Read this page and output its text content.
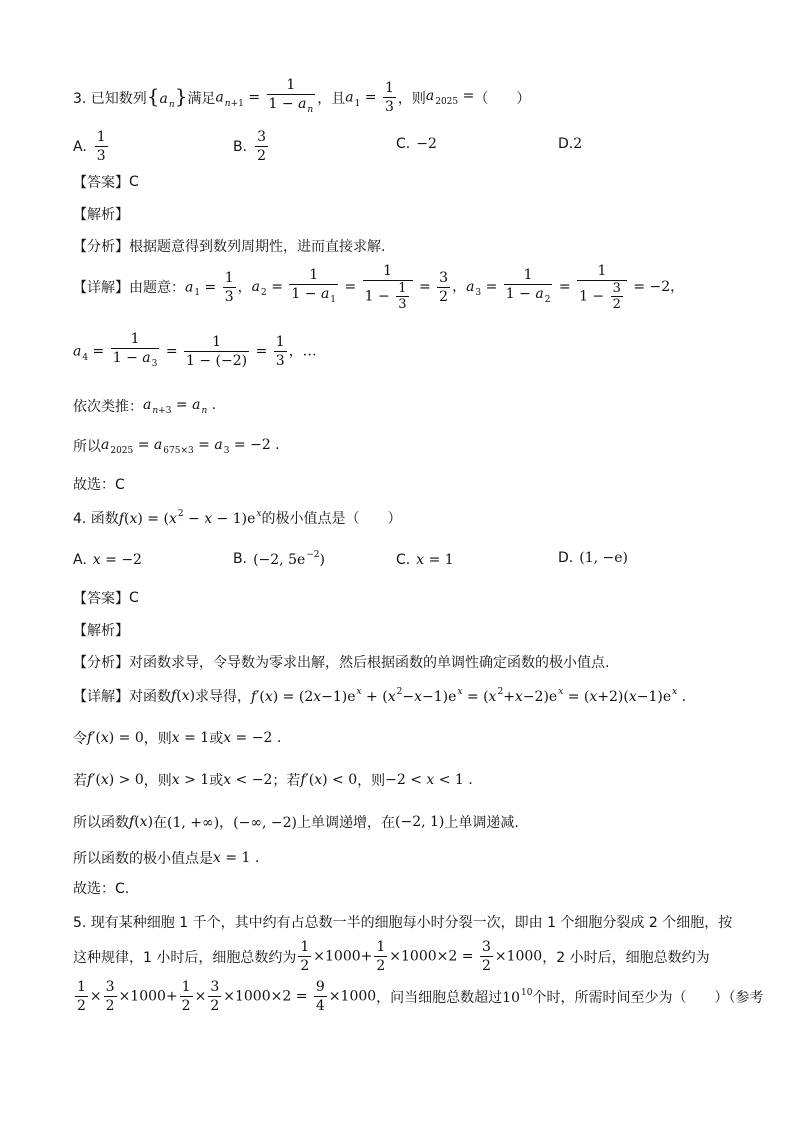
3. 已知数列 $\{a_n\}$ 满足 $a_{n+1} = \frac{1}{1 - a_n}$ ，且 $a_1 = \frac{1}{3}$ ，则 $a_{2025}$ = （　　）
A. $\frac{1}{3}$	B. $\frac{3}{2}$	C. −2	D. 2
【答案】 C
【解析】
【分析】 根据题意得到数列周期性，进而直接求解.
【详解】 由题意： $a_1 = \frac{1}{3}$ ， $a_2 = \frac{1}{1 - a_1} = \frac{1}{1 - \frac{1}{3}} = \frac{3}{2}$ ， $a_3 = \frac{1}{1 - a_2} = \frac{1}{1 - \frac{3}{2}} = -2$，
$a_4 = \frac{1}{1 - a_3} = \frac{1}{1 - (-2)} = \frac{1}{3}$ ，…
依次类推： $a_{n+3} = a_n$ .
所以 $a_{2025} = a_{675\times 3} = a_3 = -2$ .
故选：C
4. 函数 $f(x) = (x^2 - x - 1)e^x$ 的极小值点是（　　）
A. x = −2	B. (−2, $5e^{-2}$)	C. x = 1	D. (1, −e)
【答案】 C
【解析】
【分析】 对函数求导，令导数为零求出解，然后根据函数的单调性确定函数的极小值点.
【详解】 对函数 f(x) 求导得， $f'(x) = (2x-1)e^x + (x^2-x-1)e^x = (x^2+x-2)e^x = (x+2)(x-1)e^x$ .
令 f′(x) = 0 ，则 x = 1 或 x = −2 .
若 f′(x) > 0 ，则 x > 1 或 x < −2 ；若 f′(x) < 0 ，则 −2 < x < 1 .
所以函数 f(x) 在 (1, +∞)，(−∞, −2) 上单调递增，在 (−2, 1) 上单调递减.
所以函数的极小值点是 x = 1 .
故选：C.
5. 现有某种细胞 1 千个，其中约有占总数一半的细胞每小时分裂一次，即由 1 个细胞分裂成 2 个细胞，按
这种规律，1 小时后，细胞总数约为 $\frac{1}{2} \times 1000+ \frac{1}{2} \times 1000\times 2 = \frac{3}{2} \times 1000$ ，2 小时后，细胞总数约为
$\frac{1}{2} \times \frac{3}{2} \times 1000+ \frac{1}{2} \times \frac{3}{2} \times 1000\times 2 = \frac{9}{4} \times 1000$ ，问当细胞总数超过 $10^{10}$ 个时，所需时间至少为（　　）（参考
